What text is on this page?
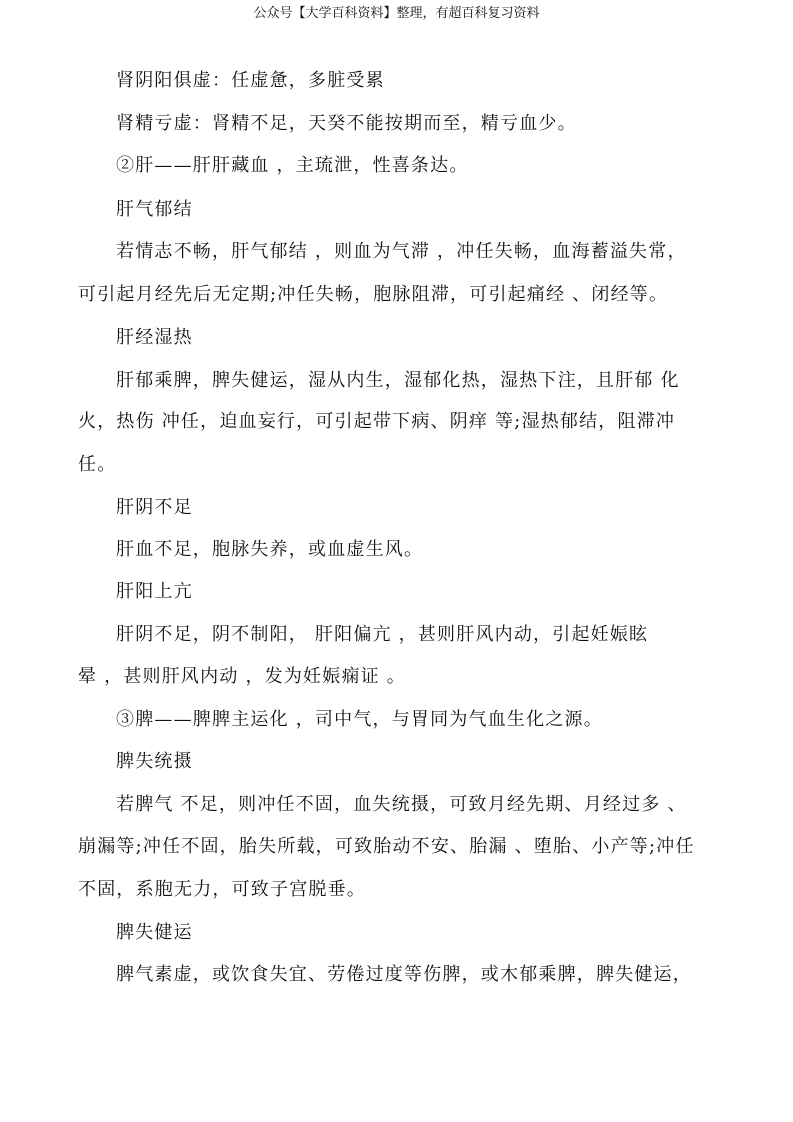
公众号【大学百科资料】整理，有超百科复习资料
肾阴阳俱虚：任虚惫，多脏受累
肾精亏虚：肾精不足，天癸不能按期而至，精亏血少。
②肝——肝肝藏血 ，主琉泄，性喜条达。
肝气郁结
若情志不畅，肝气郁结 ，则血为气滞 ，冲任失畅，血海蓄溢失常，
可引起月经先后无定期;冲任失畅，胞脉阻滞，可引起痛经 、闭经等。
肝经湿热
肝郁乘脾，脾失健运，湿从内生，湿郁化热，湿热下注，且肝郁 化
火，热伤 冲任，迫血妄行，可引起带下病、阴痒 等;湿热郁结，阻滞冲
任。
肝阴不足
肝血不足，胞脉失养，或血虚生风。
肝阳上亢
肝阴不足，阴不制阳， 肝阳偏亢 ，甚则肝风内动，引起妊娠眩
晕 ，甚则肝风内动 ，发为妊娠痫证 。
③脾——脾脾主运化 ，司中气，与胃同为气血生化之源。
脾失统摄
若脾气 不足，则冲任不固，血失统摄，可致月经先期、月经过多 、
崩漏等;冲任不固，胎失所载，可致胎动不安、胎漏 、堕胎、小产等;冲任
不固，系胞无力，可致子宫脱垂。
脾失健运
脾气素虚，或饮食失宜、劳倦过度等伤脾，或木郁乘脾，脾失健运，
